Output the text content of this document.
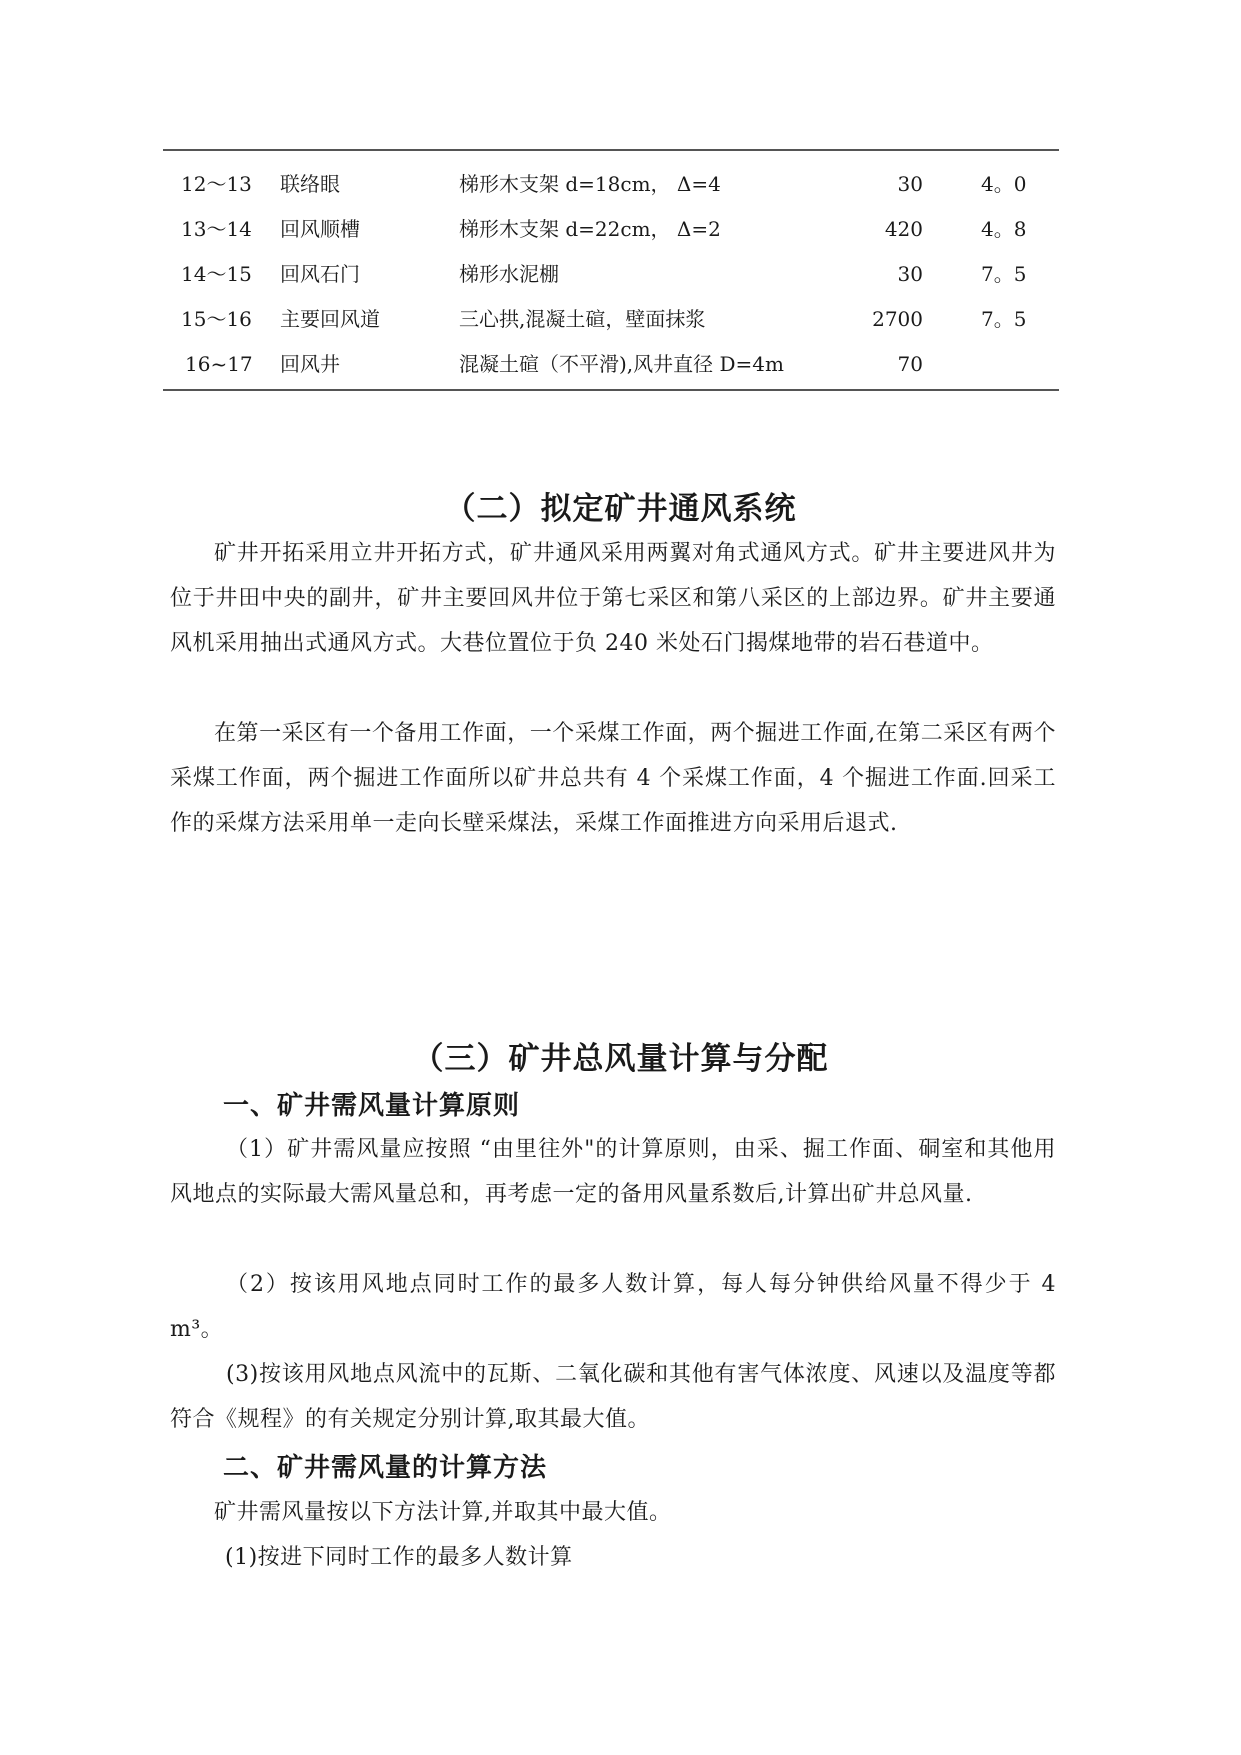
12～13	联络眼	梯形木支架 d=18cm， Δ=4	30	4。0
13～14	回风顺槽	梯形木支架 d=22cm， Δ=2	420	4。8
14～15	回风石门	梯形水泥棚	30	7。5
15～16	主要回风道	三心拱,混凝土碹，壁面抹浆	2700	7。5
16~17	回风井	混凝土碹（不平滑),风井直径 D=4m	70
（二）拟定矿井通风系统

矿井开拓采用立井开拓方式，矿井通风采用两翼对角式通风方式。矿井主要进风井为位于井田中央的副井，矿井主要回风井位于第七采区和第八采区的上部边界。矿井主要通风机采用抽出式通风方式。大巷位置位于负 240 米处石门揭煤地带的岩石巷道中。

在第一采区有一个备用工作面，一个采煤工作面，两个掘进工作面,在第二采区有两个采煤工作面，两个掘进工作面所以矿井总共有 4 个采煤工作面，4 个掘进工作面.回采工作的采煤方法采用单一走向长壁采煤法，采煤工作面推进方向采用后退式.

（三）矿井总风量计算与分配
一、矿井需风量计算原则

（1）矿井需风量应按照 “由里往外"的计算原则，由采、掘工作面、硐室和其他用风地点的实际最大需风量总和，再考虑一定的备用风量系数后,计算出矿井总风量.

（2）按该用风地点同时工作的最多人数计算，每人每分钟供给风量不得少于 4 m³。

(3)按该用风地点风流中的瓦斯、二氧化碳和其他有害气体浓度、风速以及温度等都符合《规程》的有关规定分别计算,取其最大值。

二、矿井需风量的计算方法
矿井需风量按以下方法计算,并取其中最大值。
(1)按进下同时工作的最多人数计算
